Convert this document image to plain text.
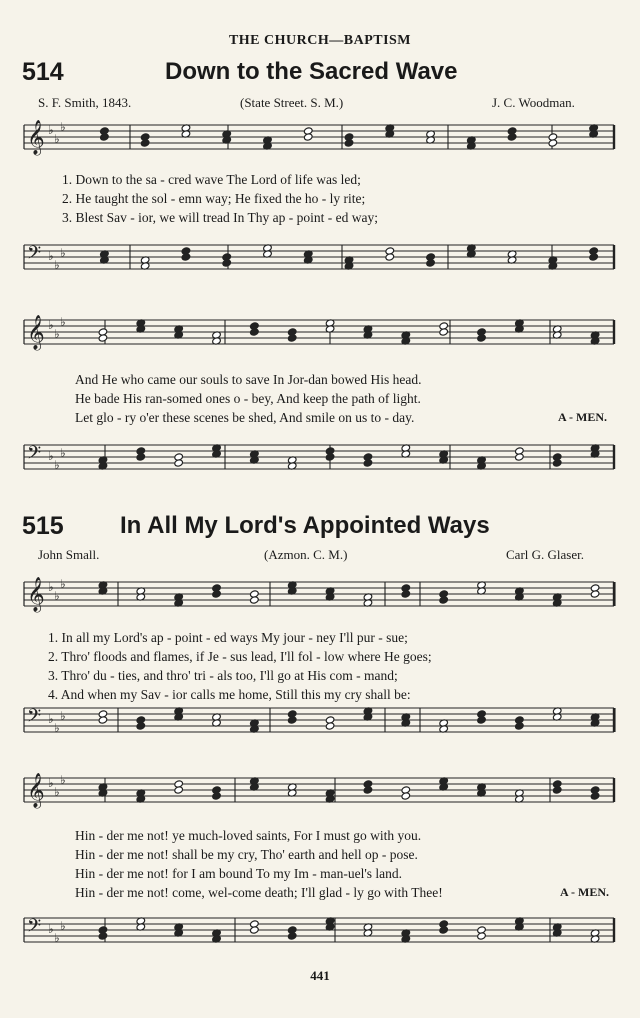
THE CHURCH—BAPTISM
514	Down to the Sacred Wave
S. F. Smith, 1843.	(State Street. S. M.)	J. C. Woodman.
𝄞 ♭
♭
♭
𝄢 ♭
♭
♭
𝄞 ♭
♭
♭
𝄢 ♭
♭
♭
𝄞 ♭
♭
♭
𝄢 ♭
♭
♭
𝄞 ♭
♭
♭
𝄢 ♭
♭
♭
1. Down to the sa - cred wave The Lord of life was led;
2. He taught the sol - emn way; He fixed the ho - ly rite;
3. Blest Sav - ior, we will tread In Thy ap - point - ed way;
And He who came our souls to save In Jor-dan bowed His head.
He bade His ran-somed ones o - bey, And keep the path of light.
Let glo - ry o'er these scenes be shed, And smile on us to - day.	A - MEN.
515 In All My Lord's Appointed Ways
John Small.	(Azmon. C. M.)	Carl G. Glaser.
1. In all my Lord's ap - point - ed ways My jour - ney I'll pur - sue;
2. Thro' floods and flames, if Je - sus lead, I'll fol - low where He goes;
3. Thro' du - ties, and thro' tri - als too, I'll go at His com - mand;
4. And when my Sav - ior calls me home, Still this my cry shall be:
Hin - der me not! ye much-loved saints, For I must go with you.
Hin - der me not! shall be my cry, Tho' earth and hell op - pose.
Hin - der me not! for I am bound To my Im - man-uel's land.
Hin - der me not! come, wel-come death; I'll glad - ly go with Thee!	A - MEN.
441
